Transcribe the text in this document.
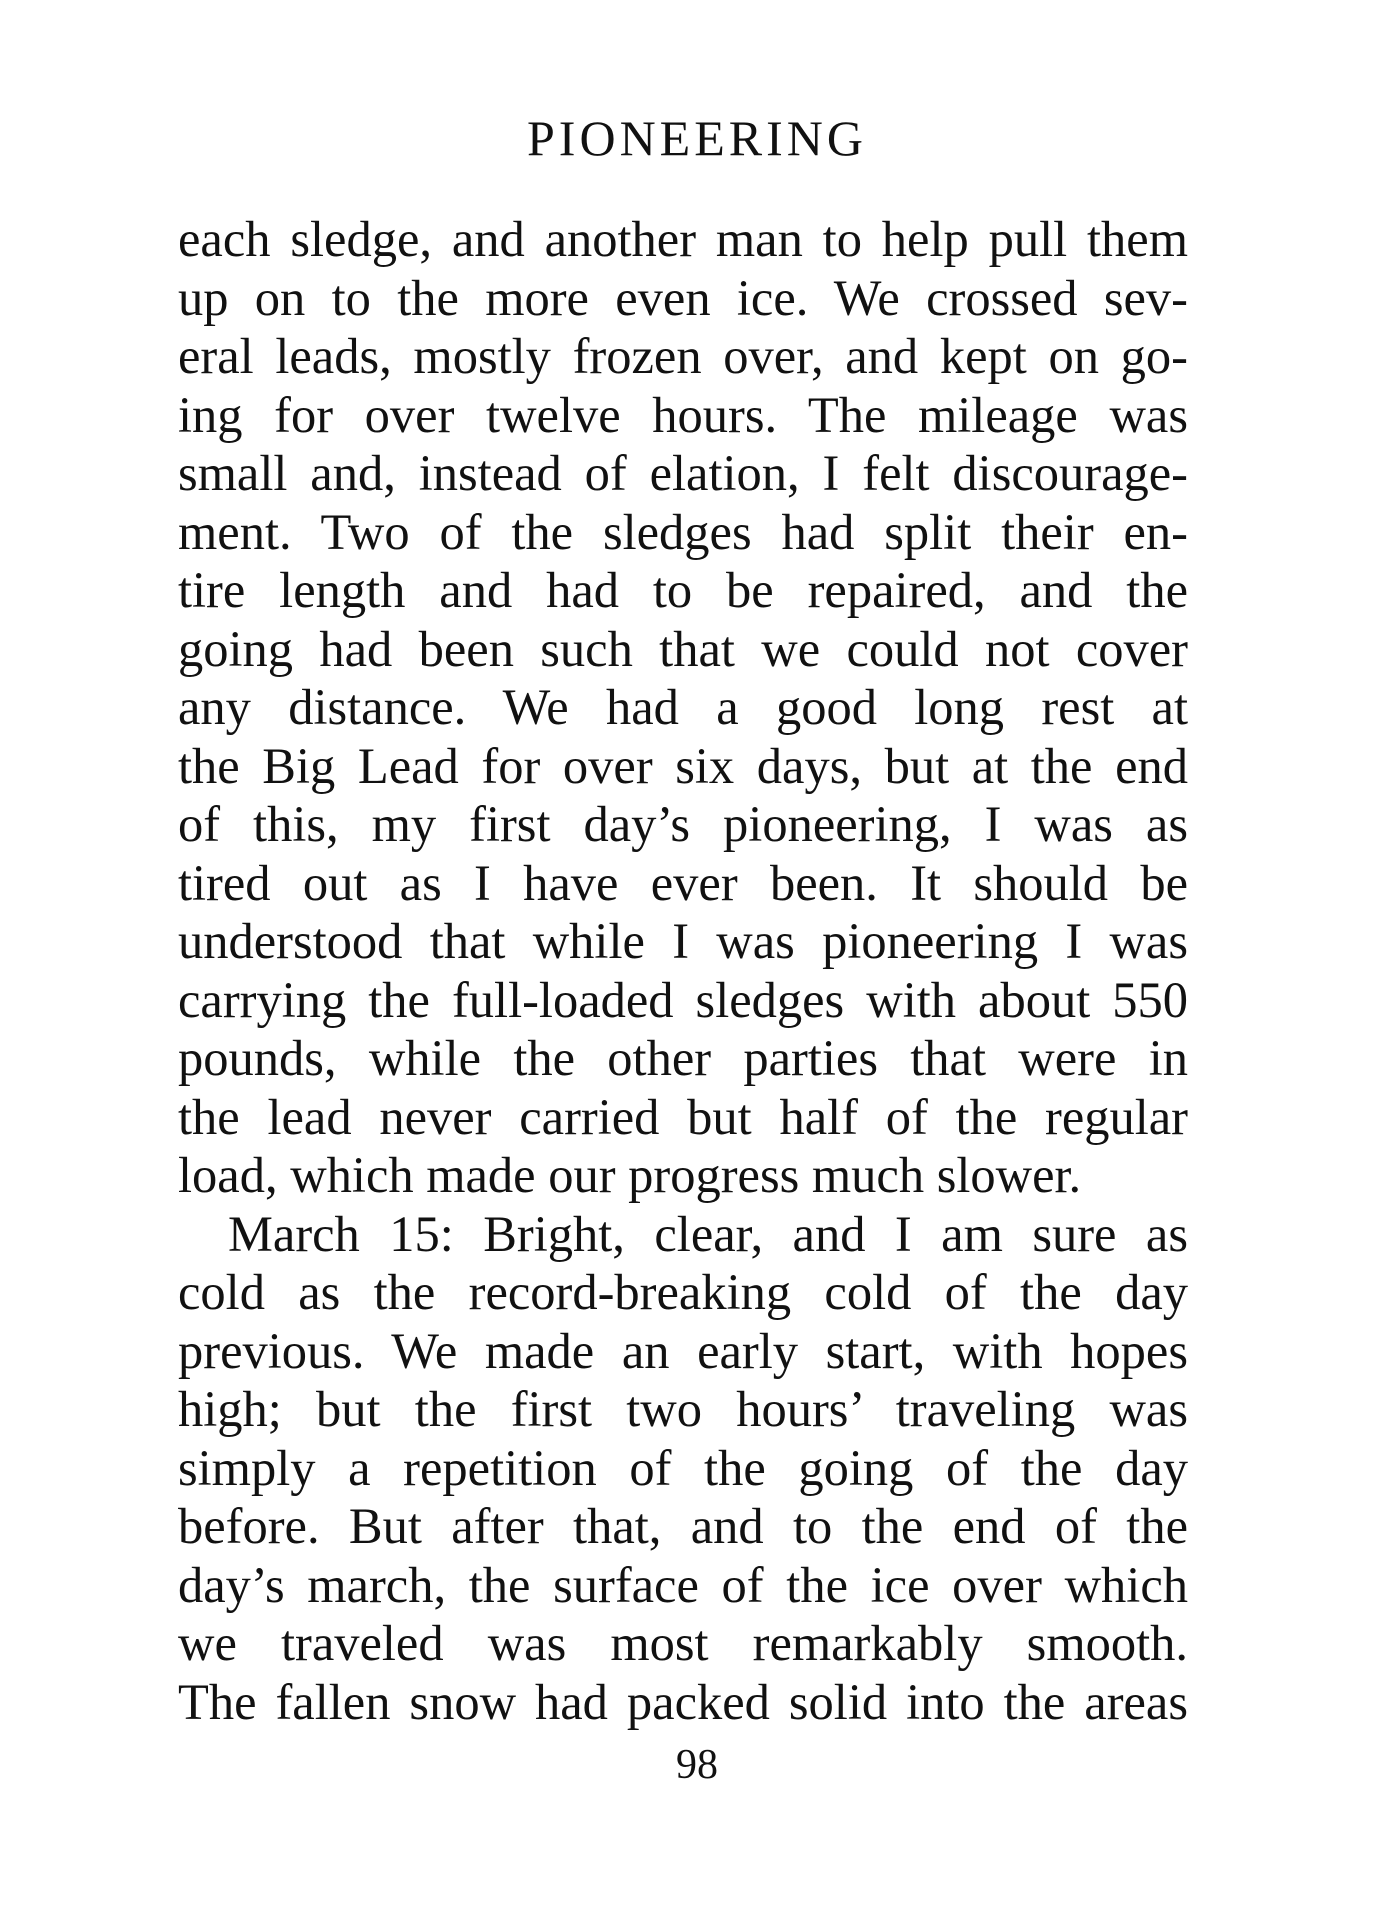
PIONEERING
each sledge, and another man to help pull them
up on to the more even ice. We crossed sev-
eral leads, mostly frozen over, and kept on go-
ing for over twelve hours. The mileage was
small and, instead of elation, I felt discourage-
ment. Two of the sledges had split their en-
tire length and had to be repaired, and the
going had been such that we could not cover
any distance. We had a good long rest at
the Big Lead for over six days, but at the end
of this, my first day’s pioneering, I was as
tired out as I have ever been. It should be
understood that while I was pioneering I was
carrying the full-loaded sledges with about 550
pounds, while the other parties that were in
the lead never carried but half of the regular
load, which made our progress much slower.
March 15: Bright, clear, and I am sure as
cold as the record-breaking cold of the day
previous. We made an early start, with hopes
high; but the first two hours’ traveling was
simply a repetition of the going of the day
before. But after that, and to the end of the
day’s march, the surface of the ice over which
we traveled was most remarkably smooth.
The fallen snow had packed solid into the areas
98
